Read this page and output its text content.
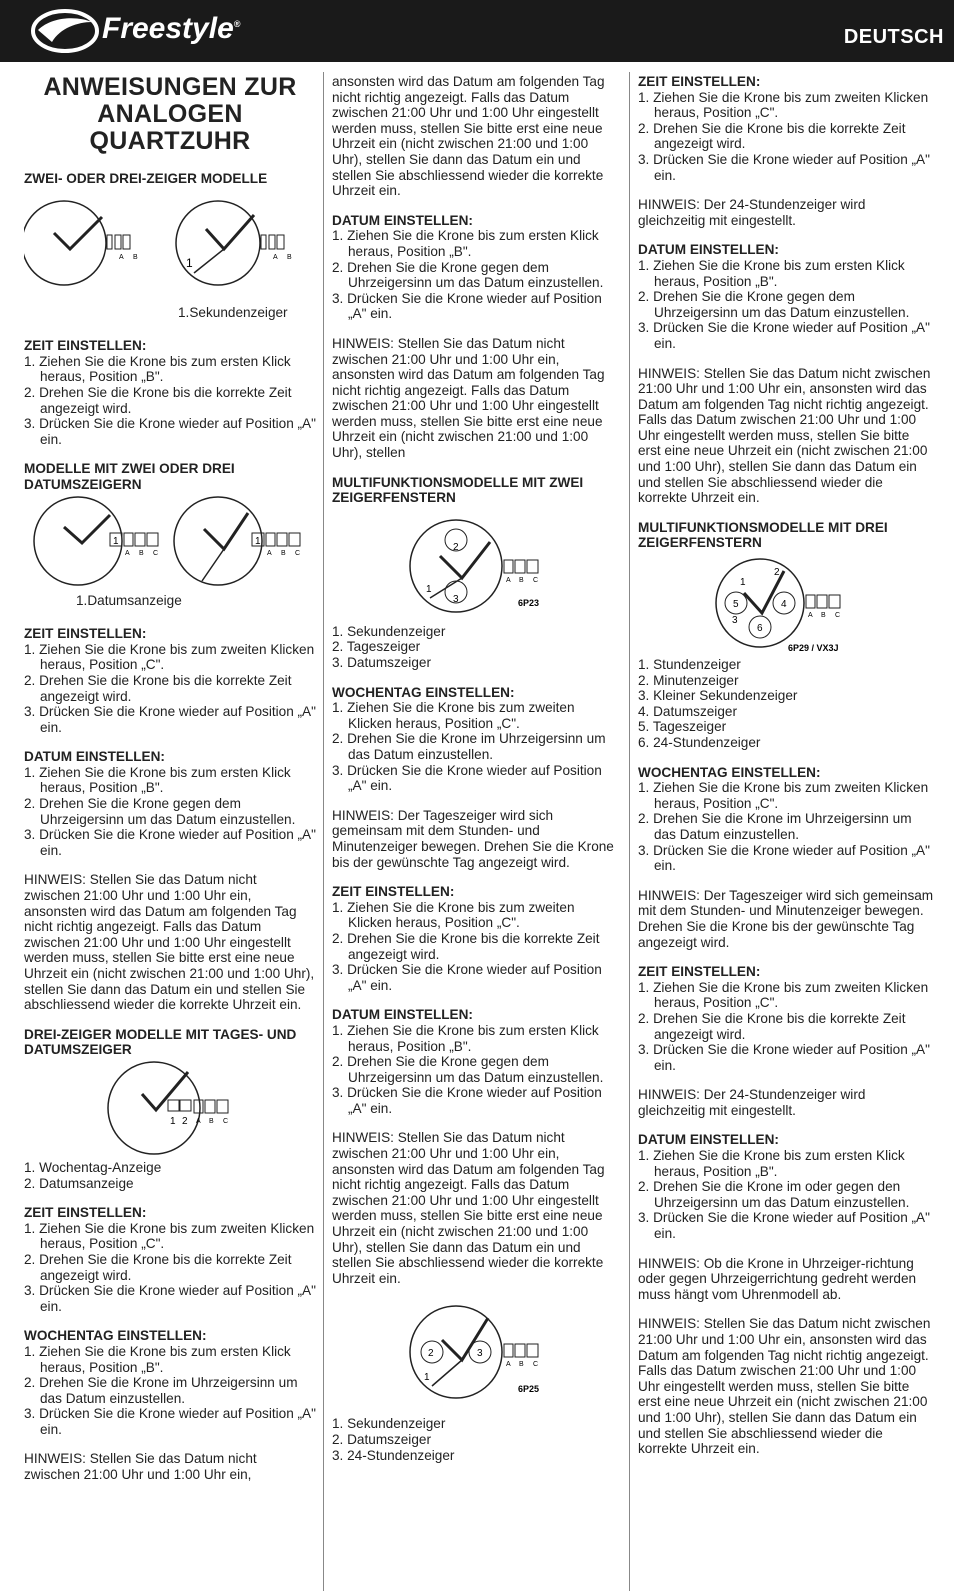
Freestyle®
DEUTSCH
ANWEISUNGEN ZUR ANALOGEN QUARTZUHR
ZWEI- ODER DREI-ZEIGER MODELLE
A B	1	A B
1.Sekundenzeiger
ZEIT EINSTELLEN:
1. Ziehen Sie die Krone bis zum ersten Klick heraus, Position „B".
2. Drehen Sie die Krone bis die korrekte Zeit angezeigt wird.
3. Drücken Sie die Krone wieder auf Position „A" ein.
MODELLE MIT ZWEI ODER DREI DATUMSZEIGERN
1
A B C
1
A B C
1.Datumsanzeige
ZEIT EINSTELLEN:
1. Ziehen Sie die Krone bis zum zweiten Klicken heraus, Position „C".
2. Drehen Sie die Krone bis die korrekte Zeit angezeigt wird.
3. Drücken Sie die Krone wieder auf Position „A" ein.
DATUM EINSTELLEN:
1. Ziehen Sie die Krone bis zum ersten Klick heraus, Position „B".
2. Drehen Sie die Krone gegen dem Uhrzeigersinn um das Datum einzustellen.
3. Drücken Sie die Krone wieder auf Position „A" ein.
HINWEIS: Stellen Sie das Datum nicht zwischen 21:00 Uhr und 1:00 Uhr ein, ansonsten wird das Datum am folgenden Tag nicht richtig angezeigt. Falls das Datum zwischen 21:00 Uhr und 1:00 Uhr eingestellt werden muss, stellen Sie bitte erst eine neue Uhrzeit ein (nicht zwischen 21:00 und 1:00 Uhr), stellen Sie dann das Datum ein und stellen Sie abschliessend wieder die korrekte Uhrzeit ein.
DREI-ZEIGER MODELLE MIT TAGES- UND DATUMSZEIGER
1 2 A B C
1. Wochentag-Anzeige
2. Datumsanzeige
ZEIT EINSTELLEN:
1. Ziehen Sie die Krone bis zum zweiten Klicken heraus, Position „C".
2. Drehen Sie die Krone bis die korrekte Zeit angezeigt wird.
3. Drücken Sie die Krone wieder auf Position „A" ein.
WOCHENTAG EINSTELLEN:
1. Ziehen Sie die Krone bis zum ersten Klick heraus, Position „B".
2. Drehen Sie die Krone im Uhrzeigersinn um das Datum einzustellen.
3. Drücken Sie die Krone wieder auf Position „A" ein.
HINWEIS: Stellen Sie das Datum nicht zwischen 21:00 Uhr und 1:00 Uhr ein,
ansonsten wird das Datum am folgenden Tag nicht richtig angezeigt. Falls das Datum zwischen 21:00 Uhr und 1:00 Uhr eingestellt werden muss, stellen Sie bitte erst eine neue Uhrzeit ein (nicht zwischen 21:00 und 1:00 Uhr), stellen Sie dann das Datum ein und stellen Sie abschliessend wieder die korrekte Uhrzeit ein.
DATUM EINSTELLEN:
1. Ziehen Sie die Krone bis zum ersten Klick heraus, Position „B".
2. Drehen Sie die Krone gegen dem Uhrzeigersinn um das Datum einzustellen.
3. Drücken Sie die Krone wieder auf Position „A" ein.
HINWEIS: Stellen Sie das Datum nicht zwischen 21:00 Uhr und 1:00 Uhr ein, ansonsten wird das Datum am folgenden Tag nicht richtig angezeigt. Falls das Datum zwischen 21:00 Uhr und 1:00 Uhr eingestellt werden muss, stellen Sie bitte erst eine neue Uhrzeit ein (nicht zwischen 21:00 und 1:00 Uhr), stellen
MULTIFUNKTIONSMODELLE MIT ZWEI ZEIGERFENSTERN
2
3
1
A B C
6P23
1. Sekundenzeiger
2. Tageszeiger
3. Datumszeiger
WOCHENTAG EINSTELLEN:
1. Ziehen Sie die Krone bis zum zweiten Klicken heraus, Position „C".
2. Drehen Sie die Krone im Uhrzeigersinn um das Datum einzustellen.
3. Drücken Sie die Krone wieder auf Position „A" ein.
HINWEIS: Der Tageszeiger wird sich gemeinsam mit dem Stunden- und Minutenzeiger bewegen. Drehen Sie die Krone bis der gewünschte Tag angezeigt wird.
ZEIT EINSTELLEN:
1. Ziehen Sie die Krone bis zum zweiten Klicken heraus, Position „C".
2. Drehen Sie die Krone bis die korrekte Zeit angezeigt wird.
3. Drücken Sie die Krone wieder auf Position „A" ein.
DATUM EINSTELLEN:
1. Ziehen Sie die Krone bis zum ersten Klick heraus, Position „B".
2. Drehen Sie die Krone gegen dem Uhrzeigersinn um das Datum einzustellen.
3. Drücken Sie die Krone wieder auf Position „A" ein.
HINWEIS: Stellen Sie das Datum nicht zwischen 21:00 Uhr und 1:00 Uhr ein, ansonsten wird das Datum am folgenden Tag nicht richtig angezeigt. Falls das Datum zwischen 21:00 Uhr und 1:00 Uhr eingestellt werden muss, stellen Sie bitte erst eine neue Uhrzeit ein (nicht zwischen 21:00 und 1:00 Uhr), stellen Sie dann das Datum ein und stellen Sie abschliessend wieder die korrekte Uhrzeit ein.
2	3
1
A B C
6P25
1. Sekundenzeiger
2. Datumszeiger
3. 24-Stundenzeiger
ZEIT EINSTELLEN:
1. Ziehen Sie die Krone bis zum zweiten Klicken heraus, Position „C".
2. Drehen Sie die Krone bis die korrekte Zeit angezeigt wird.
3. Drücken Sie die Krone wieder auf Position „A" ein.
HINWEIS: Der 24-Stundenzeiger wird gleichzeitig mit eingestellt.
DATUM EINSTELLEN:
1. Ziehen Sie die Krone bis zum ersten Klick heraus, Position „B".
2. Drehen Sie die Krone gegen dem Uhrzeigersinn um das Datum einzustellen.
3. Drücken Sie die Krone wieder auf Position „A" ein.
HINWEIS: Stellen Sie das Datum nicht zwischen 21:00 Uhr und 1:00 Uhr ein, ansonsten wird das Datum am folgenden Tag nicht richtig angezeigt. Falls das Datum zwischen 21:00 Uhr und 1:00 Uhr eingestellt werden muss, stellen Sie bitte erst eine neue Uhrzeit ein (nicht zwischen 21:00 und 1:00 Uhr), stellen Sie dann das Datum ein und stellen Sie abschliessend wieder die korrekte Uhrzeit ein.
MULTIFUNKTIONSMODELLE MIT DREI ZEIGERFENSTERN
1
2
3
5	4
6
A B C
6P29 / VX3J
1. Stundenzeiger
2. Minutenzeiger
3. Kleiner Sekundenzeiger
4. Datumszeiger
5. Tageszeiger
6. 24-Stundenzeiger
WOCHENTAG EINSTELLEN:
1. Ziehen Sie die Krone bis zum zweiten Klicken heraus, Position „C".
2. Drehen Sie die Krone im Uhrzeigersinn um das Datum einzustellen.
3. Drücken Sie die Krone wieder auf Position „A" ein.
HINWEIS: Der Tageszeiger wird sich gemeinsam mit dem Stunden- und Minutenzeiger bewegen. Drehen Sie die Krone bis der gewünschte Tag angezeigt wird.
ZEIT EINSTELLEN:
1. Ziehen Sie die Krone bis zum zweiten Klicken heraus, Position „C".
2. Drehen Sie die Krone bis die korrekte Zeit angezeigt wird.
3. Drücken Sie die Krone wieder auf Position „A" ein.
HINWEIS: Der 24-Stundenzeiger wird gleichzeitig mit eingestellt.
DATUM EINSTELLEN:
1. Ziehen Sie die Krone bis zum ersten Klick heraus, Position „B".
2. Drehen Sie die Krone im oder gegen den Uhrzeigersinn um das Datum einzustellen.
3. Drücken Sie die Krone wieder auf Position „A" ein.
HINWEIS: Ob die Krone in Uhrzeiger-richtung oder gegen Uhrzeigerrichtung gedreht werden muss hängt vom Uhrenmodell ab.
HINWEIS: Stellen Sie das Datum nicht zwischen 21:00 Uhr und 1:00 Uhr ein, ansonsten wird das Datum am folgenden Tag nicht richtig angezeigt. Falls das Datum zwischen 21:00 Uhr und 1:00 Uhr eingestellt werden muss, stellen Sie bitte erst eine neue Uhrzeit ein (nicht zwischen 21:00 und 1:00 Uhr), stellen Sie dann das Datum ein und stellen Sie abschliessend wieder die korrekte Uhrzeit ein.
